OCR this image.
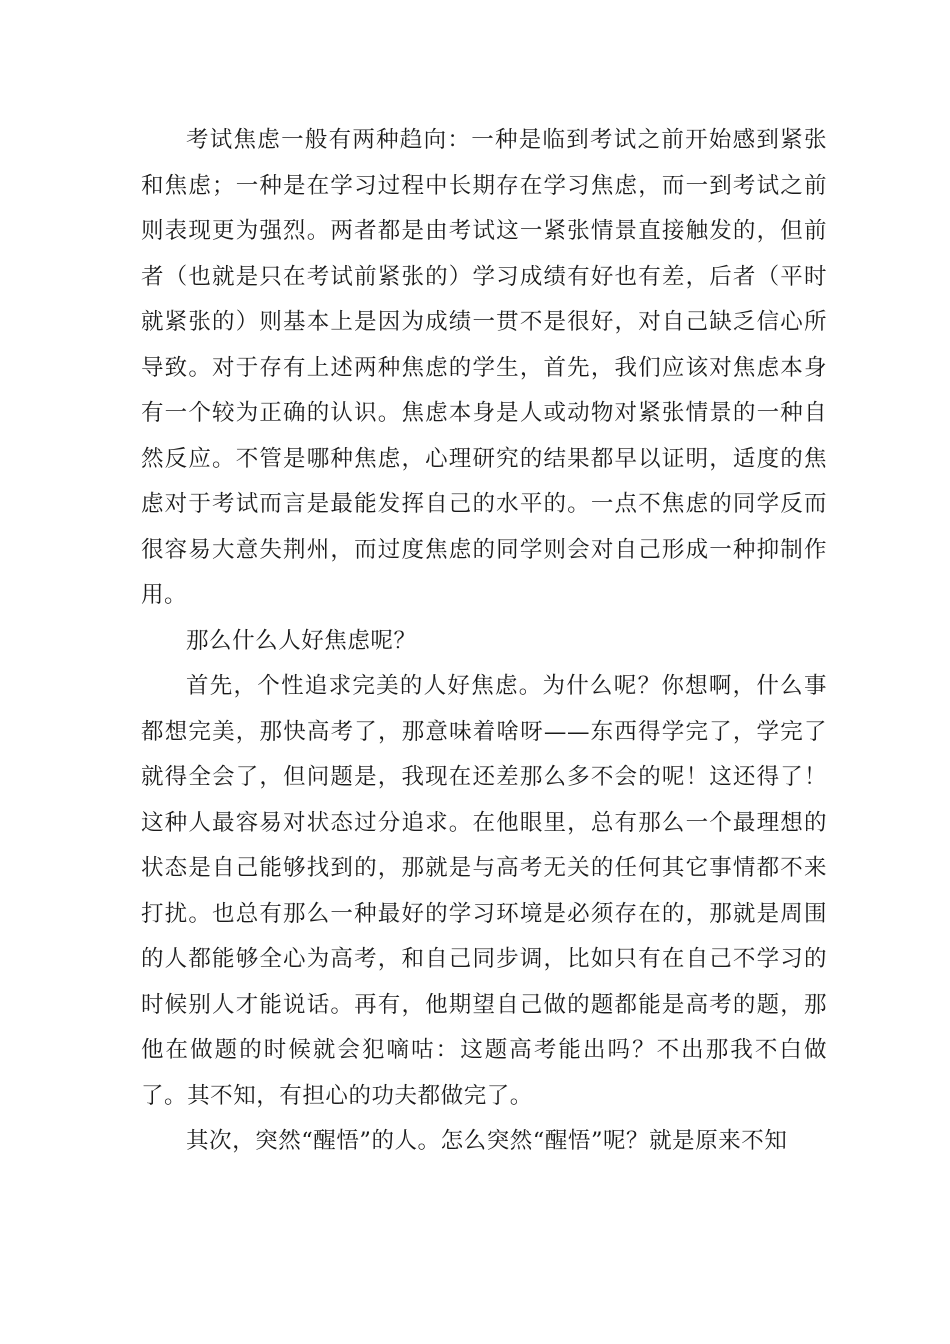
考试焦虑一般有两种趋向：一种是临到考试之前开始感到紧张和焦虑；一种是在学习过程中长期存在学习焦虑，而一到考试之前则表现更为强烈。两者都是由考试这一紧张情景直接触发的，但前者（也就是只在考试前紧张的）学习成绩有好也有差，后者（平时就紧张的）则基本上是因为成绩一贯不是很好，对自己缺乏信心所导致。对于存有上述两种焦虑的学生，首先，我们应该对焦虑本身有一个较为正确的认识。焦虑本身是人或动物对紧张情景的一种自然反应。不管是哪种焦虑，心理研究的结果都早以证明，适度的焦虑对于考试而言是最能发挥自己的水平的。一点不焦虑的同学反而很容易大意失荆州，而过度焦虑的同学则会对自己形成一种抑制作用。

那么什么人好焦虑呢？

首先，个性追求完美的人好焦虑。为什么呢？你想啊，什么事都想完美，那快高考了，那意味着啥呀——东西得学完了，学完了就得全会了，但问题是，我现在还差那么多不会的呢！这还得了！这种人最容易对状态过分追求。在他眼里，总有那么一个最理想的状态是自己能够找到的，那就是与高考无关的任何其它事情都不来打扰。也总有那么一种最好的学习环境是必须存在的，那就是周围的人都能够全心为高考，和自己同步调，比如只有在自己不学习的时候别人才能说话。再有，他期望自己做的题都能是高考的题，那他在做题的时候就会犯嘀咕：这题高考能出吗？不出那我不白做了。其不知，有担心的功夫都做完了。

其次，突然“醒悟”的人。怎么突然“醒悟”呢？就是原来不知
